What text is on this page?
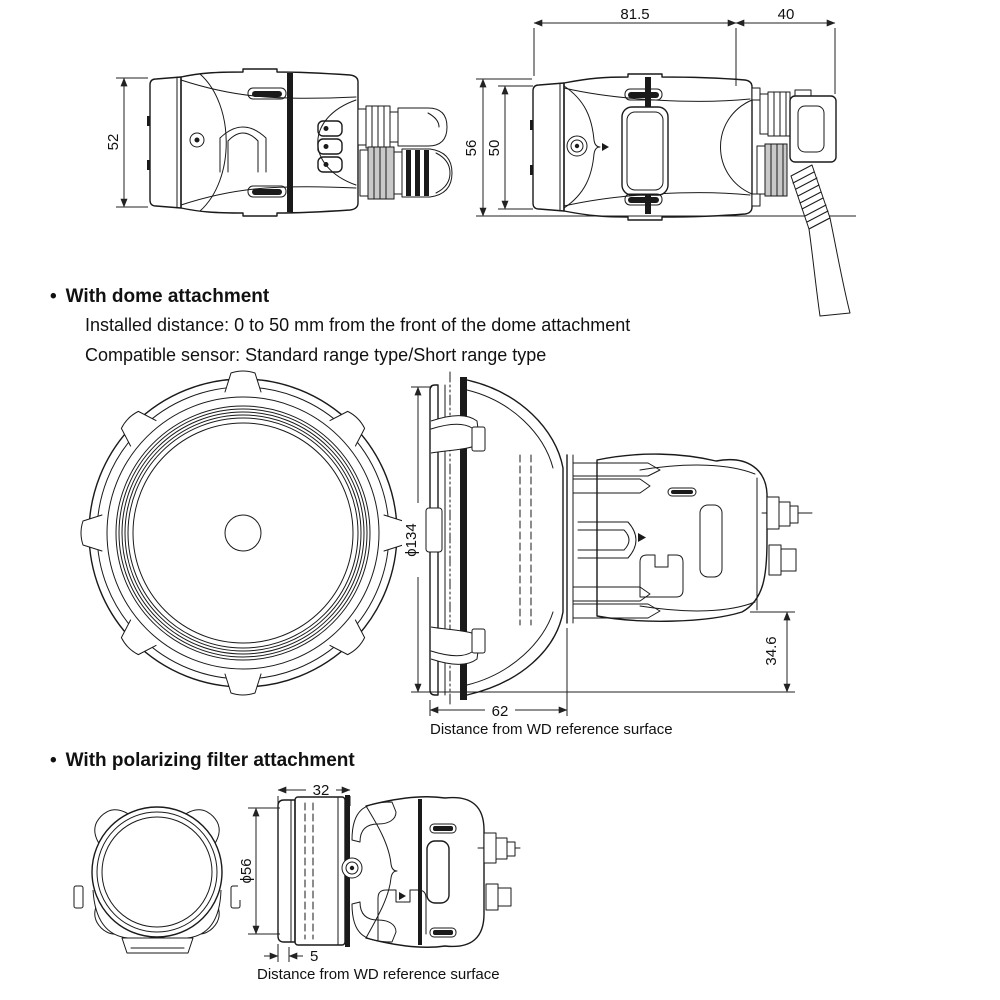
52
81.5	40
56 50
ϕ134
62
34.6
32
ϕ56
5
• With dome attachment
Installed distance: 0 to 50 mm from the front of the dome attachment
Compatible sensor: Standard range type/Short range type
Distance from WD reference surface
• With polarizing filter attachment
Distance from WD reference surface
